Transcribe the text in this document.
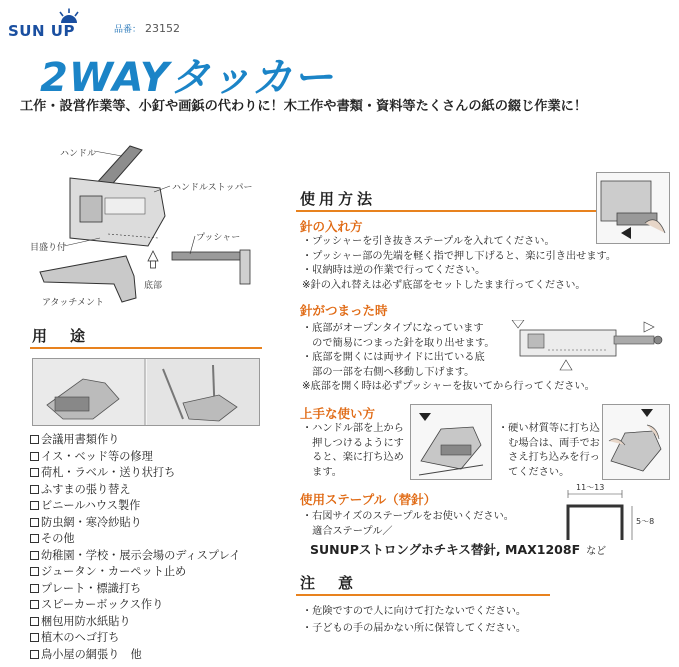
SUN UP	品番： 23152
2WAYタッカー
工作・設営作業等、小釘や画鋲の代わりに！木工作や書類・資料等たくさんの紙の綴じ作業に！
ハンドル
ハンドルストッパー
目盛り付
プッシャー
底部
アタッチメント
用　途
会議用書類作り
イス・ベッド等の修理
荷札・ラベル・送り状打ち
ふすまの張り替え
ビニールハウス製作
防虫網・寒冷紗貼り
その他
幼稚園・学校・展示会場のディスプレイ
ジュータン・カーペット止め
プレート・標識打ち
スピーカーボックス作り
梱包用防水紙貼り
植木のヘゴ打ち
鳥小屋の網張り　他
使用方法
針の入れ方
・プッシャーを引き抜きステープルを入れてください。
・プッシャー部の先端を軽く指で押し下げると、楽に引き出せます。
・収納時は逆の作業で行ってください。
※針の入れ替えは必ず底部をセットしたまま行ってください。
針がつまった時
・底部がオープンタイプになっています
　ので簡易につまった針を取り出せます。
・底部を開くには両サイドに出ている底
　部の一部を右側へ移動し下げます。
※底部を開く時は必ずプッシャーを抜いてから行ってください。
上手な使い方
・ハンドル部を上から
　押しつけるようにす
　ると、楽に打ち込め
　ます。
・硬い材質等に打ち込
　む場合は、両手でお
　さえ打ち込みを行っ
　てください。
使用ステープル（替針）
・右図サイズのステープルをお使いください。
　適合ステープル／
SUNUPストロングホチキス替針, MAX1208F など
11～13
5～8
注　意
・危険ですので人に向けて打たないでください。
・子どもの手の届かない所に保管してください。
